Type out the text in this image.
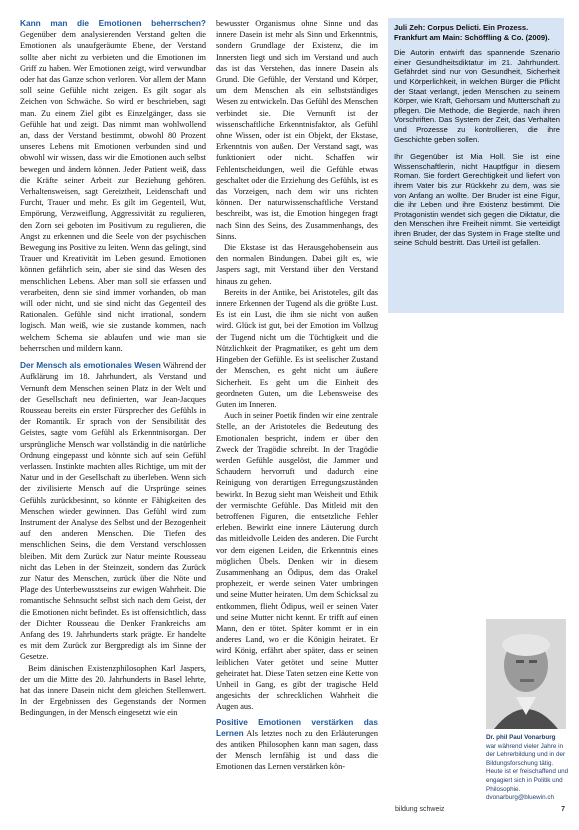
Kann man die Emotionen beherrschen? Gegenüber dem analysierenden Verstand gelten die Emotionen als unaufgeräumte Ebene, der Verstand sollte aber nicht zu verbieten und die Emotionen im Griff zu haben. Wer Emotionen zeigt, wird verwundbar oder hat das Ganze schon verloren. Vor allem der Mann soll seine Gefühle nicht zeigen. Es gilt sogar als Zeichen von Schwäche. So wird er beschrieben, sagt man. Zu einem Ziel gibt es Einzelgänger, dass sie Gefühle hat und zeigt. Das nimmt man wohlwollend an, dass der Verstand bestimmt, obwohl 80 Prozent unseres Lebens mit Emotionen verbunden sind und obwohl wir wissen, dass wir die Emotionen auch selbst bewegen und ändern können. Jeder Patient weiß, dass die Kräfte seiner Arbeit zur Beziehung gehören. Verhaltensweisen, sagt Gereiztheit, Leidenschaft und Furcht, Trauer und mehr. Es gilt im Gegenteil, Wut, Empörung, Verzweiflung, Aggressivität zu regulieren, den Zorn sei geboten im Positivum zu regulieren, die Angst zu erkennen und die Seele von der psychischen Bewegung ins Positive zu leiten. Wenn das gelingt, sind Trauer und Kreativität im Leben gesund. Emotionen können gefährlich sein, aber sie sind das Wesen des menschlichen Lebens. Aber man soll sie erfassen und verarbeiten, denn sie sind immer vorhanden, ob man will oder nicht, und sie sind nicht das Gegenteil des Rationalen. Gefühle sind nicht irrational, sondern logisch. Man weiß, wie sie zustande kommen, nach welchem Schema sie ablaufen und wie man sie beherrschen und mildern kann.

Der Mensch als emotionales Wesen Während der Aufklärung im 18. Jahrhundert, als Verstand und Vernunft dem Menschen seinen Platz in der Welt und der Gesellschaft neu definierten, war Jean-Jacques Rousseau bereits ein erster Fürsprecher des Gefühls in der Romantik. Er sprach von der Sensibilität des Geistes, sagte vom Gefühl als Erkenntnisorgan. Der ursprüngliche Mensch war vollständig in die natürliche Ordnung eingepasst und könnte sich auf sein Gefühl verlassen. Instinkte machten alles Richtige, um mit der Natur und in der Gesellschaft zu überleben. Wenn sich der zivilisierte Mensch auf die Ursprünge seines Gefühls zurückbesinnt, so könnte er Fähigkeiten des Menschen wieder gewinnen. Das Gefühl wird zum Instrument der Analyse des Selbst und der Bezogenheit auf den anderen Menschen. Die Tiefen des menschlichen Seins, die dem Verstand verschlossen bleiben. Mit dem Zurück zur Natur meinte Rousseau nicht das Leben in der Steinzeit, sondern das Zurück zur Natur des Menschen, zurück über die Nöte und Plage des Unterbewusstseins zur ewigen Wahrheit. Die romantische Sehnsucht selbst sich nach dem Geist, der die Emotionen nicht befindet. Es ist offensichtlich, dass der Dichter Rousseau die Denker Frankreichs am Anfang des 19. Jahrhunderts stark prägte. Er handelte es mit dem Zurück zur Bergpredigt als im Sinne der Gesetze.

Beim dänischen Existenzphilosophen Karl Jaspers, der um die Mitte des 20. Jahrhunderts in Basel lehrte, hat das innere Dasein nicht dem gleichen Stellenwert. In der Ergebnissen des Gegenstands der Normen Bedingungen, in der Mensch eingesetzt wie ein

bewusster Organismus ohne Sinne und das innere Dasein ist mehr als Sinn und Erkenntnis, sondern Grundlage der Existenz, die im Innersten liegt und sich im Verstand und auch das ist das Verstehen, das innere Dasein als Grund. Die Gefühle, der Verstand und Körper, um dem Menschen als ein selbstständiges Wesen zu entwickeln. Das Gefühl des Menschen verbindet sie. Die Vernunft ist der wissenschaftliche Erkenntnisfaktor, als Gefühl ohne Wissen, oder ist ein Objekt, der Ekstase, Erkenntnis von außen. Der Verstand sagt, was funktioniert oder nicht. Schaffen wir Fehlentscheidungen, weil die Gefühle etwas geschaltet oder die Erziehung des Gefühls, ist es das Vorzeigen, nach dem wir uns richten können. Der naturwissenschaftliche Verstand beschreibt, was ist, die Emotion hingegen fragt nach Sinn des Seins, des Zusammenhangs, des Sinns.

Die Ekstase ist das Herausgehobensein aus den normalen Bindungen. Dabei gilt es, wie Jaspers sagt, mit Verstand über den Verstand hinaus zu gehen.

Bereits in der Antike, bei Aristoteles, gilt das innere Erkennen der Tugend als die größte Lust. Es ist ein Lust, die ihm sie nicht von außen wird. Glück ist gut, bei der Emotion im Vollzug der Tugend nicht um die Tüchtigkeit und die Nützlichkeit der Pragmatiker, es geht um dem Hingeben der Gefühle. Es ist seelischer Zustand der Menschen, es geht nicht um äußere Sicherheit. Es geht um die Einheit des geordneten Guten, um die Lebensweise des Guten im Inneren.

Auch in seiner Poetik finden wir eine zentrale Stelle, an der Aristoteles die Bedeutung des Emotionalen bespricht, indem er über den Zweck der Tragödie schreibt. In der Tragödie werden Gefühle ausgelöst, die Jammer und Schaudern hervorruft und dadurch eine Reinigung von derartigen Erregungszuständen bewirkt. In Bezug sieht man Weisheit und Ethik der vermischte Gefühle. Das Mitleid mit den betroffenen Figuren, die entsetzliche Fehler erleben. Bewirkt eine innere Läuterung durch das mitleidvolle Leiden des anderen. Die Furcht vor dem eigenen Leiden, die Erkenntnis eines möglichen Übels. Denken wir in diesem Zusammenhang an Ödipus, dem das Orakel prophezeit, er werde seinen Vater umbringen und seine Mutter heiraten. Um dem Schicksal zu entkommen, flieht Ödipus, weil er seinen Vater und seine Mutter nicht kennt. Er trifft auf einen Mann, den er tötet. Später kommt er in ein anderes Land, wo er die Königin heiratet. Er wird König, erfährt aber später, dass er seinen leiblichen Vater getötet und seine Mutter geheiratet hat. Diese Taten setzen eine Kette von Unheil in Gang, es gibt der tragische Held angesichts der schrecklichen Wahrheit die Augen aus.

Positive Emotionen verstärken das Lernen Als letztes noch zu den Erläuterungen des antiken Philosophen kann man sagen, dass der Mensch lernfähig ist und dass die Emotionen das Lernen verstärken kön-

Juli Zeh: Corpus Delicti. Ein Prozess. Frankfurt am Main: Schöffling & Co. (2009).

Die Autorin entwirft das spannende Szenario einer Gesundheitsdiktatur im 21. Jahrhundert. Gefährdet sind nur von Gesundheit, Sicherheit und Körperlichkeit, in welchen Bürger die Pflicht der Staat verlangt, jeden Menschen zu seinem Körper, wie Kraft, Gehorsam und Mutterschaft zu pflegen. Die Methode, die Begierde, nach ihren Vorschriften. Das System der Zeit, das Verhalten und Prozesse zu kontrollieren, die ihre Geschichte geben sollen.

Ihr Gegenüber ist Mia Holl. Sie ist eine Wissenschaftlerin, nicht Hauptfigur in diesem Roman. Sie fordert Gerechtigkeit und liefert von ihrem Vater bis zur Rückkehr zu dem, was sie von Anfang an wollte. Der Bruder ist eine Figur, die ihr Leben und ihre Existenz bestimmt. Die Protagonistin wendet sich gegen die Diktatur, die den Menschen ihre Freiheit nimmt. Sie verteidigt ihren Bruder, der das System in Frage stellte und seine Schuld bestritt. Das Urteil ist gefallen.

Dr. phil Paul Vonarburg
war während vieler Jahre in der Lehrerbildung und in der Bildungsforschung tätig. Heute ist er freischaffend und engagiert sich in Politik und Philosophie.
dvonarburg@bluewin.ch
bildung schweiz	7
